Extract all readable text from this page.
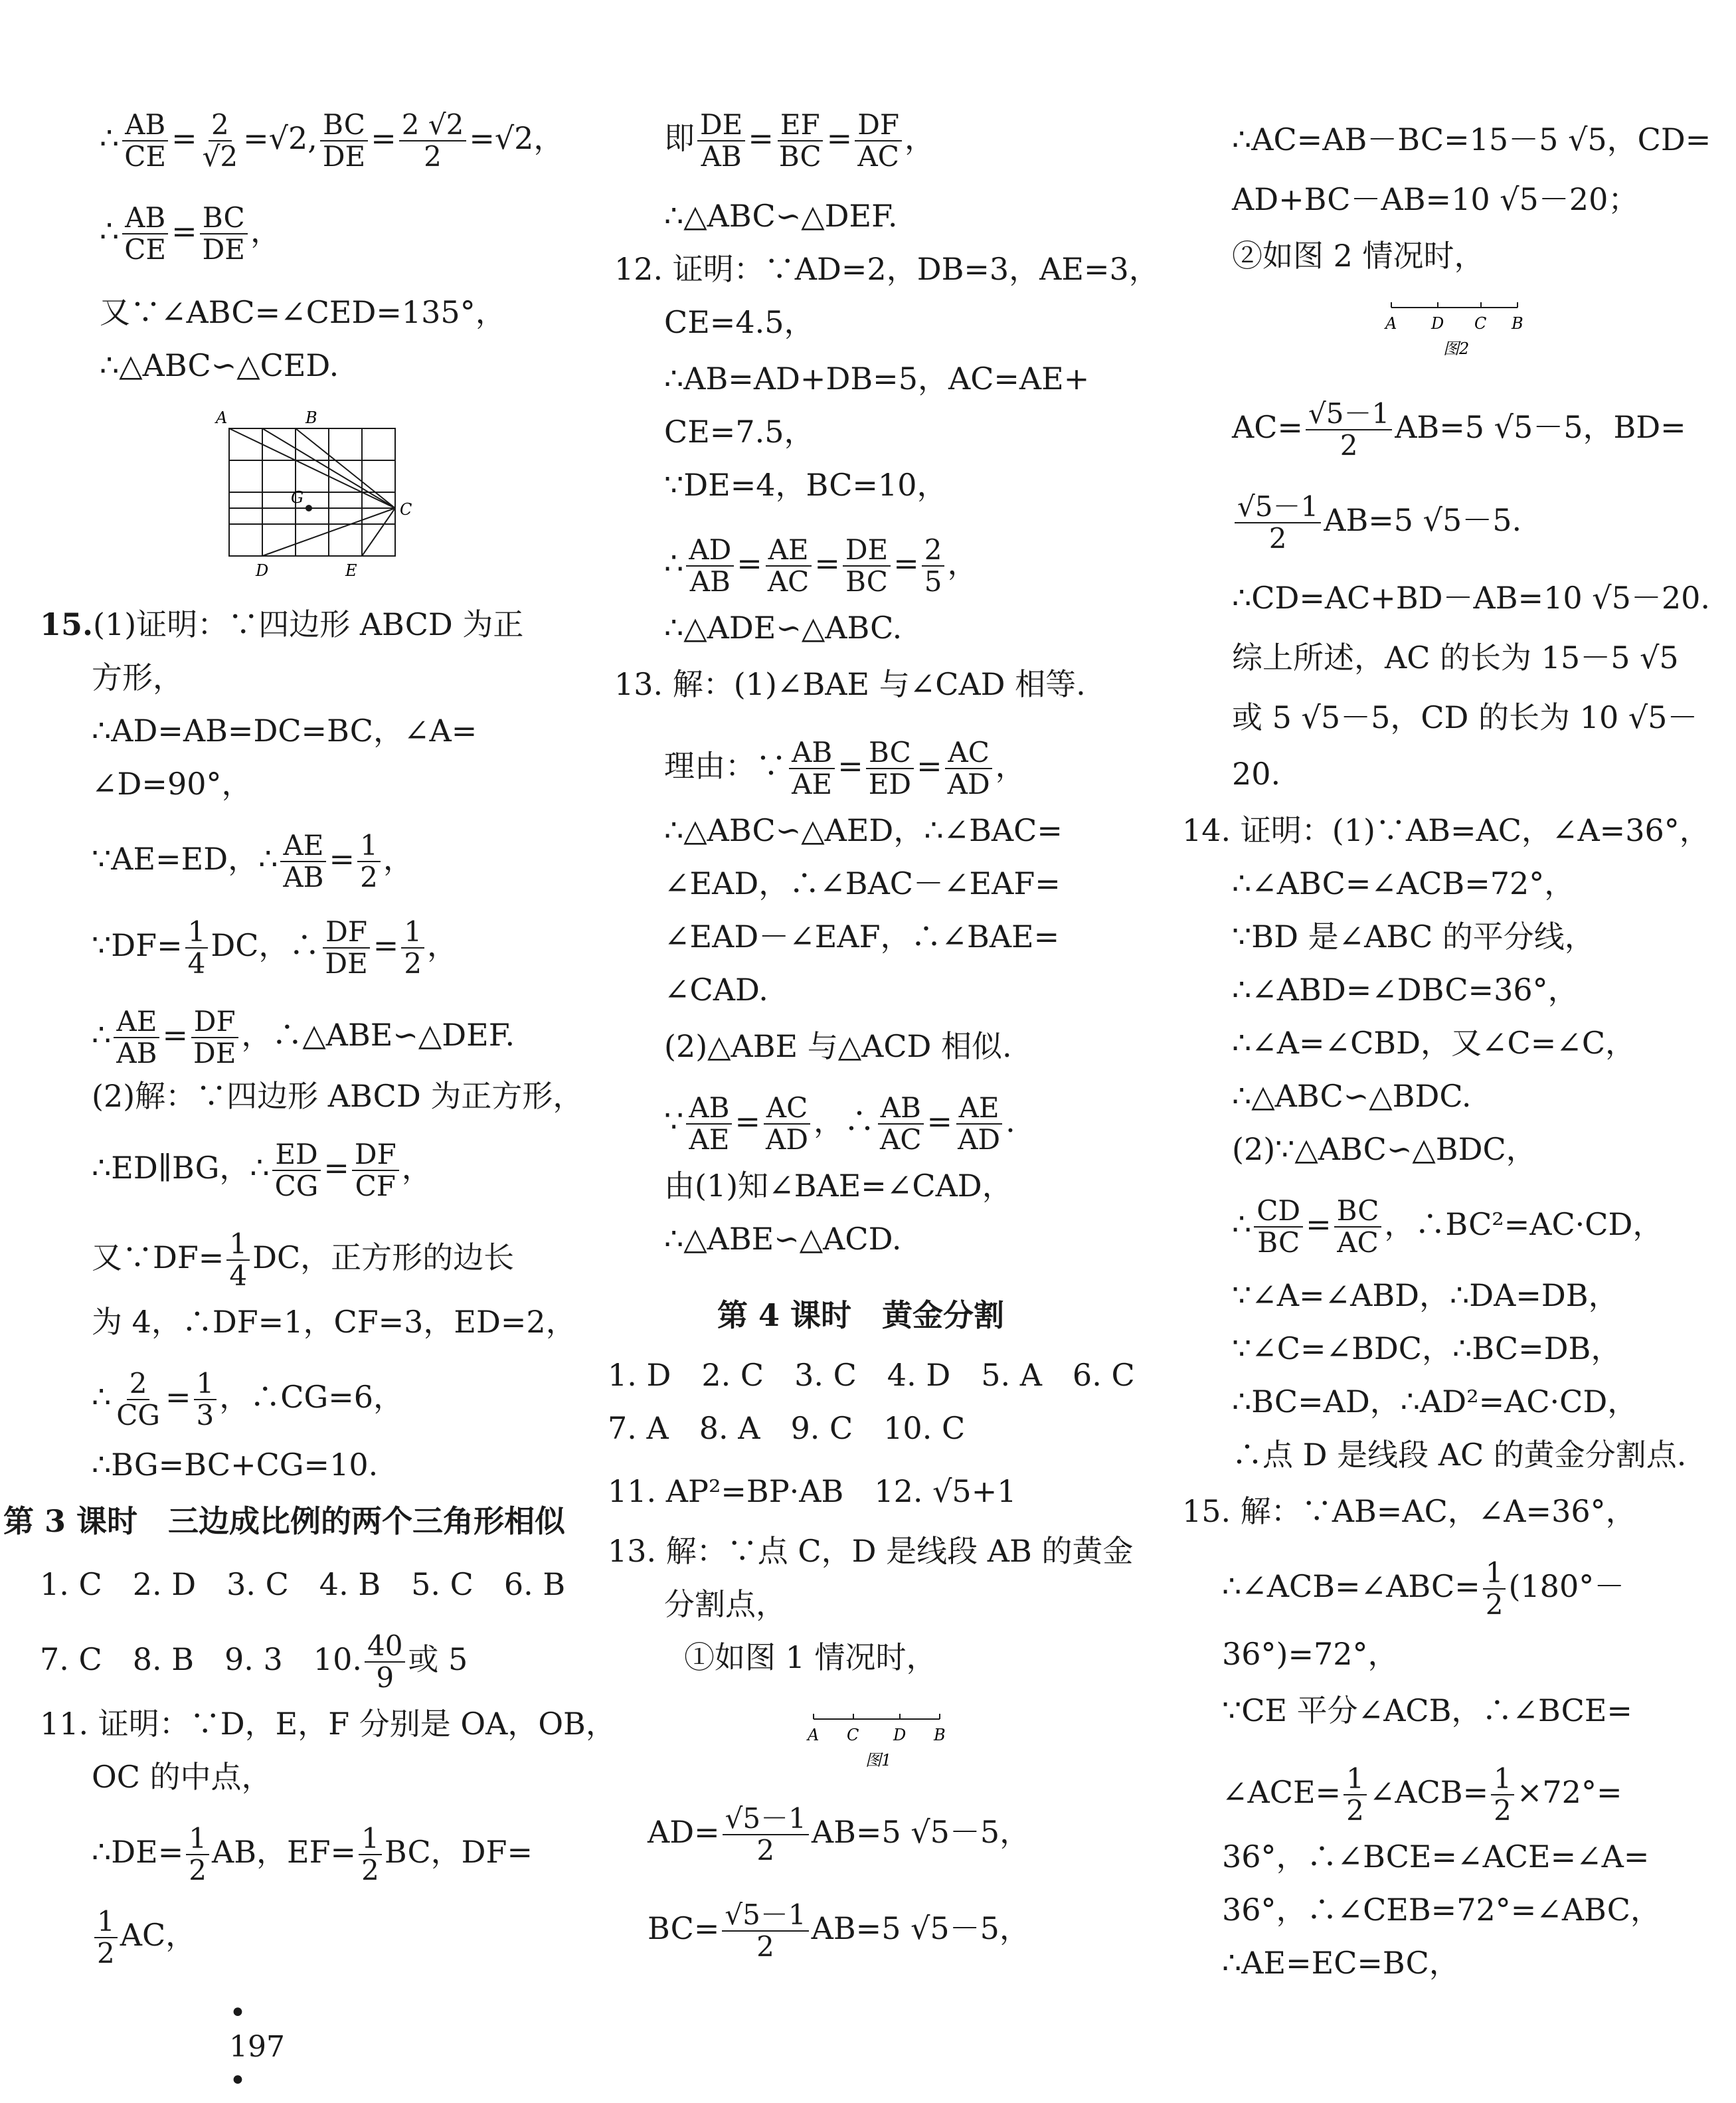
∴ $\frac{AB}{CE} = \frac{2}{√2} =√2$, $\frac{BC}{DE} = \frac{2 √2}{2} =√2$，
∴ $\frac{AB}{CE} = \frac{BC}{DE}$ ，
又∵∠ABC=∠CED=135°，
∴△ABC∽△CED.
A	B
C
D	E
G
15.(1)证明：∵四边形 ABCD 为正
方形，
∴AD=AB=DC=BC，∠A=
∠D=90°，
∵AE=ED，∴ $\frac{AE}{AB} = \frac{1}{2}$ ，
∵DF= $\frac{1}{4}$ DC，∴ $\frac{DF}{DE} = \frac{1}{2}$ ，
∴ $\frac{AE}{AB} = \frac{DF}{DE}$ ，∴△ABE∽△DEF.
(2)解：∵四边形 ABCD 为正方形，
∴ED∥BG，∴ $\frac{ED}{CG} = \frac{DF}{CF}$ ，
又∵DF= $\frac{1}{4}$ DC，正方形的边长
为 4，∴DF=1，CF=3，ED=2，
∴ $\frac{2}{CG} = \frac{1}{3}$ ，∴CG=6，
∴BG=BC+CG=10.
第 3 课时　三边成比例的两个三角形相似
1. C　2. D　3. C　4. B　5. C　6. B
7. C　8. B　9. 3　10. $\frac{40}{9}$ 或 5
11. 证明：∵D，E，F 分别是 OA，OB，
OC 的中点，
∴DE= $\frac{1}{2}$ AB，$EF= \frac{1}{2}$ BC，DF=
$\frac{1}{2}$ AC，
• 197 •
即 $\frac{DE}{AB} = \frac{EF}{BC} = \frac{DF}{AC}$ ，
∴△ABC∽△DEF.
12. 证明：∵AD=2，DB=3，AE=3，
CE=4.5，
∴AB=AD+DB=5，AC=AE+
CE=7.5，
∵DE=4，BC=10，
∴ $\frac{AD}{AB} = \frac{AE}{AC} = \frac{DE}{BC} = \frac{2}{5}$ ，
∴△ADE∽△ABC.
13. 解：(1)∠BAE 与∠CAD 相等.
理由：∵ $\frac{AB}{AE} = \frac{BC}{ED} = \frac{AC}{AD}$ ，
∴△ABC∽△AED，∴∠BAC=
∠EAD，∴∠BAC－∠EAF=
∠EAD－∠EAF，∴∠BAE=
∠CAD.
(2)△ABE 与△ACD 相似.
∵ $\frac{AB}{AE} = \frac{AC}{AD}$ ，∴ $\frac{AB}{AC} = \frac{AE}{AD}$ .
由(1)知∠BAE=∠CAD，
∴△ABE∽△ACD.
第 4 课时　黄金分割
1. D　2. C　3. C　4. D　5. A　6. C
7. A　8. A　9. C　10. C
11. AP²=BP·AB　12. √5+1
13. 解：∵点 C，D 是线段 AB 的黄金
分割点，
①如图 1 情况时，
A C D B
图1
$AD= \frac{√5-1}{2} AB=5$ √5－5，
$BC= \frac{√5-1}{2} AB=5$ √5－5，
∴AC=AB－BC=15－5 √5，CD=
AD+BC－AB=10 √5－20；
②如图 2 情况时，
A D C B
图2
$AC= \frac{√5-1}{2} AB=5$ √5－5，BD=
$\frac{√5-1}{2} AB=5$ √5－5.
∴CD=AC+BD－AB=10 √5－20.
综上所述，AC 的长为 15－5 √5
或 5 √5－5，CD 的长为 10 √5－
20.
14. 证明：(1)∵AB=AC，∠A=36°，
∴∠ABC=∠ACB=72°，
∵BD 是∠ABC 的平分线，
∴∠ABD=∠DBC=36°，
∴∠A=∠CBD，又∠C=∠C，
∴△ABC∽△BDC.
(2)∵△ABC∽△BDC，
∴ $\frac{CD}{BC} = \frac{BC}{AC}$ ，∴BC²=AC·CD，
∵∠A=∠ABD，∴DA=DB，
∵∠C=∠BDC，∴BC=DB，
∴BC=AD，∴AD²=AC·CD，
∴点 D 是线段 AC 的黄金分割点.
15. 解：∵AB=AC，∠A=36°，
∴∠ACB=∠ABC= $\frac{1}{2} (180^\circ-$
36°)=72°，
∵CE 平分∠ACB，∴∠BCE=
∠ACE= $\frac{1}{2}$ ∠ACB= $\frac{1}{2} \times 72^\circ=$
36°，∴∠BCE=∠ACE=∠A=
36°，∴∠CEB=72°=∠ABC，
∴AE=EC=BC，
